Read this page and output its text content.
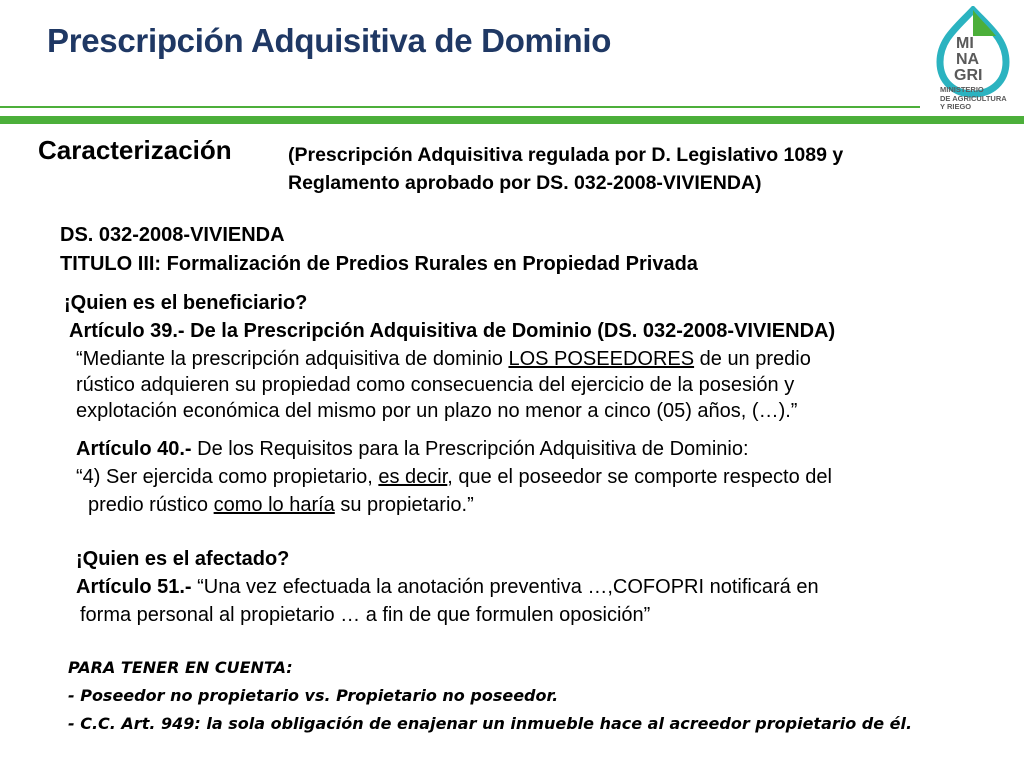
Prescripción Adquisitiva de Dominio	MI
NA
GRI
MINISTERIO
DE AGRICULTURA
Y RIEGO
Caracterización	(Prescripción Adquisitiva regulada por D. Legislativo 1089 y
Reglamento aprobado por DS. 032-2008-VIVIENDA)
DS. 032-2008-VIVIENDA
TITULO III: Formalización de Predios Rurales en Propiedad Privada
¡Quien es el beneficiario?
Artículo 39.- De la Prescripción Adquisitiva de Dominio (DS. 032-2008-VIVIENDA)
“Mediante la prescripción adquisitiva de dominio LOS POSEEDORES de un predio
rústico adquieren su propiedad como consecuencia del ejercicio de la posesión y
explotación económica del mismo por un plazo no menor a cinco (05) años, (…).”
Artículo 40.- De los Requisitos para la Prescripción Adquisitiva de Dominio:
“4) Ser ejercida como propietario, es decir, que el poseedor se comporte respecto del
predio rústico como lo haría su propietario.”
¡Quien es el afectado?
Artículo 51.- “Una vez efectuada la anotación preventiva …,COFOPRI notificará en
forma personal al propietario … a fin de que formulen oposición”
PARA TENER EN CUENTA:
- Poseedor no propietario vs. Propietario no poseedor.
- C.C. Art. 949: la sola obligación de enajenar un inmueble hace al acreedor propietario de él.
